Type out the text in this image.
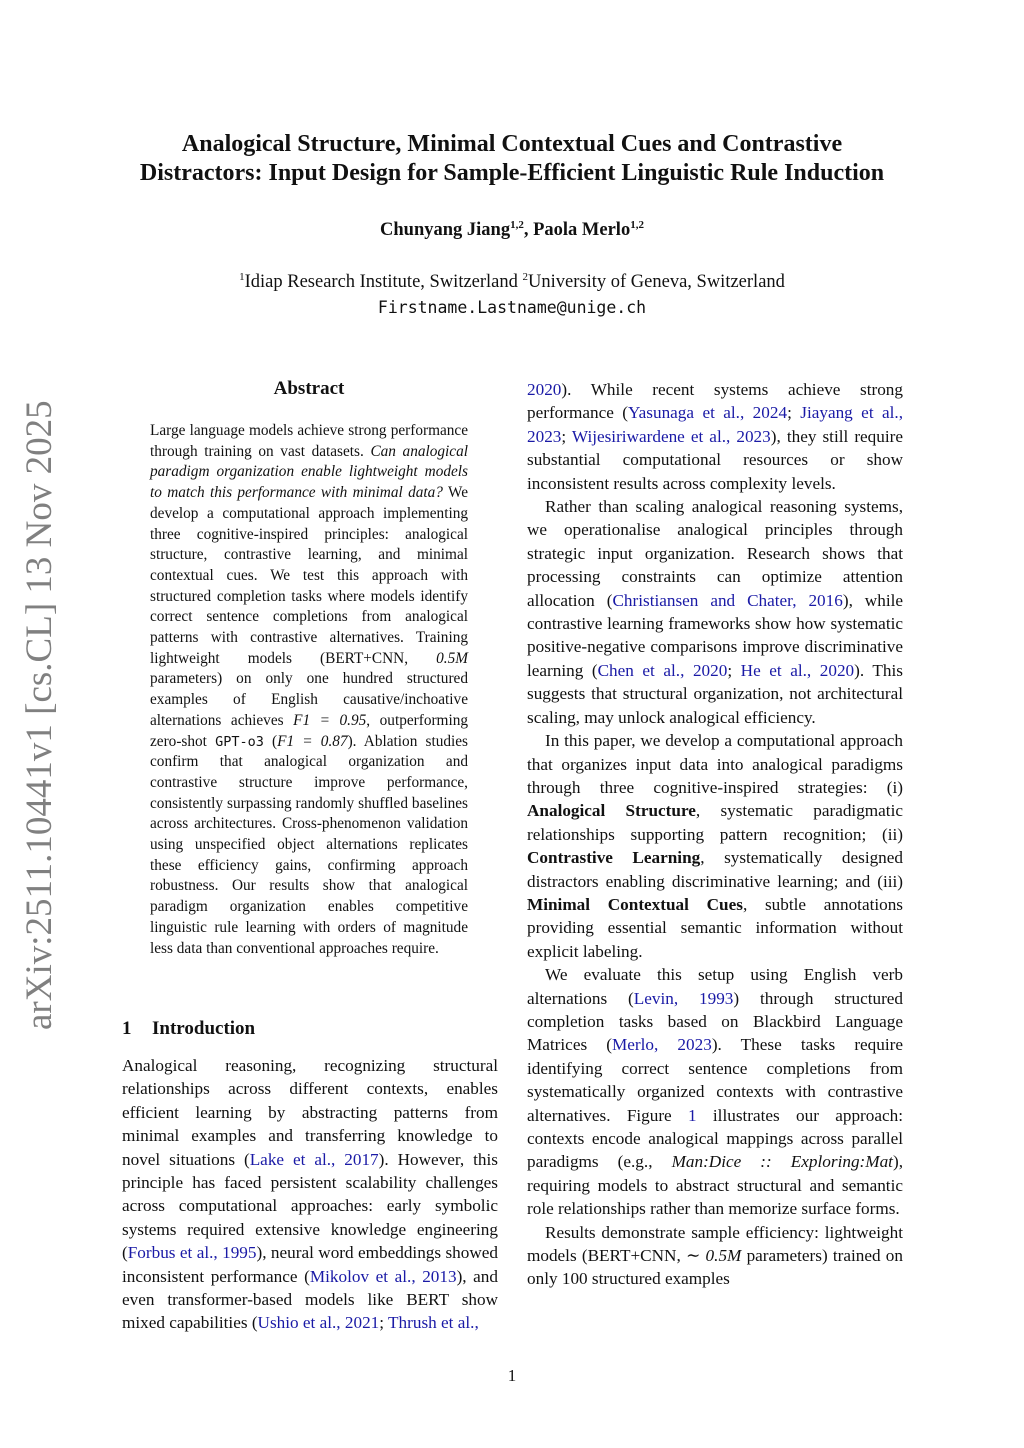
arXiv:2511.10441v1 [cs.CL] 13 Nov 2025
Analogical Structure, Minimal Contextual Cues and Contrastive
Distractors: Input Design for Sample-Efficient Linguistic Rule Induction
Chunyang Jiang$^{1,2}$, Paola Merlo$^{1,2}$
$^1$Idiap Research Institute, Switzerland $^2$University of Geneva, Switzerland
Firstname.Lastname@unige.ch
Abstract
Large language models achieve strong performance through training on vast datasets. Can analogical paradigm organization enable lightweight models to match this performance with minimal data? We develop a computational approach implementing three cognitive-inspired principles: analogical structure, contrastive learning, and minimal contextual cues. We test this approach with structured completion tasks where models identify correct sentence completions from analogical patterns with contrastive alternatives. Training lightweight models (BERT+CNN, 0.5M parameters) on only one hundred structured examples of English causative/inchoative alternations achieves F1 = 0.95, outperforming zero-shot GPT-o3 (F1 = 0.87). Ablation studies confirm that analogical organization and contrastive structure improve performance, consistently surpassing randomly shuffled baselines across architectures. Cross-phenomenon validation using unspecified object alternations replicates these efficiency gains, confirming approach robustness. Our results show that analogical paradigm organization enables competitive linguistic rule learning with orders of magnitude less data than conventional approaches require.
1 Introduction
Analogical reasoning, recognizing structural relationships across different contexts, enables efficient learning by abstracting patterns from minimal examples and transferring knowledge to novel situations (Lake et al., 2017). However, this principle has faced persistent scalability challenges across computational approaches: early symbolic systems required extensive knowledge engineering (Forbus et al., 1995), neural word embeddings showed inconsistent performance (Mikolov et al., 2013), and even transformer-based models like BERT show mixed capabilities (Ushio et al., 2021; Thrush et al.,

2020). While recent systems achieve strong performance (Yasunaga et al., 2024; Jiayang et al., 2023; Wijesiriwardene et al., 2023), they still require substantial computational resources or show inconsistent results across complexity levels.

Rather than scaling analogical reasoning systems, we operationalise analogical principles through strategic input organization. Research shows that processing constraints can optimize attention allocation (Christiansen and Chater, 2016), while contrastive learning frameworks show how systematic positive-negative comparisons improve discriminative learning (Chen et al., 2020; He et al., 2020). This suggests that structural organization, not architectural scaling, may unlock analogical efficiency.

In this paper, we develop a computational approach that organizes input data into analogical paradigms through three cognitive-inspired strategies: (i) Analogical Structure, systematic paradigmatic relationships supporting pattern recognition; (ii) Contrastive Learning, systematically designed distractors enabling discriminative learning; and (iii) Minimal Contextual Cues, subtle annotations providing essential semantic information without explicit labeling.

We evaluate this setup using English verb alternations (Levin, 1993) through structured completion tasks based on Blackbird Language Matrices (Merlo, 2023). These tasks require identifying correct sentence completions from systematically organized contexts with contrastive alternatives. Figure 1 illustrates our approach: contexts encode analogical mappings across parallel paradigms (e.g., Man:Dice :: Exploring:Mat), requiring models to abstract structural and semantic role relationships rather than memorize surface forms.

Results demonstrate sample efficiency: lightweight models (BERT+CNN, ∼ 0.5M parameters) trained on only 100 structured examples

1
